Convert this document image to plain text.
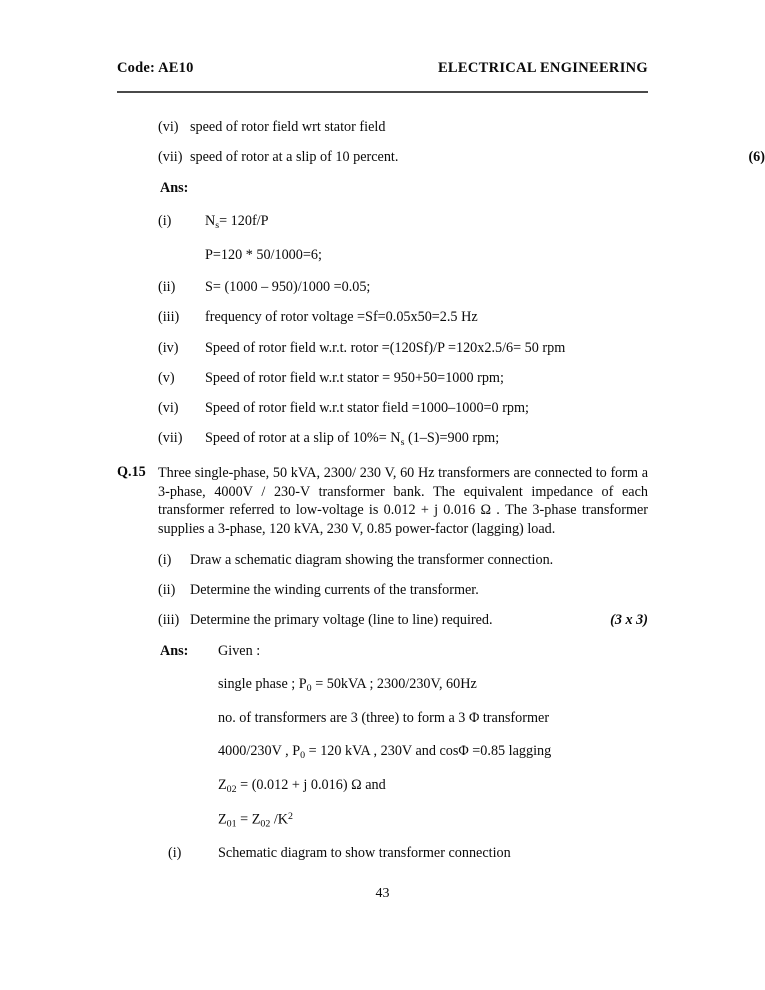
Code: AE10	ELECTRICAL ENGINEERING
(vi) speed of rotor field wrt stator field
(vii) speed of rotor at a slip of 10 percent.	(6)
Ans:
(i)	$N_s= 120f/P$
P=120 * 50/1000=6;
(ii)	S= (1000 – 950)/1000 =0.05;
(iii)	frequency of rotor voltage =Sf=0.05x50=2.5 Hz
(iv)	Speed of rotor field w.r.t. rotor =(120Sf)/P =120x2.5/6= 50 rpm
(v)	Speed of rotor field w.r.t stator = 950+50=1000 rpm;
(vi)	Speed of rotor field w.r.t stator field =1000–1000=0 rpm;
(vii)	Speed of rotor at a slip of $10\%= N_s$ (1–S)=900 rpm;
Q.15 Three single-phase, 50 kVA, 2300/ 230 V, 60 Hz transformers are connected to form a 3-phase, 4000V / 230-V transformer bank. The equivalent impedance of each transformer referred to low-voltage is 0.012 + j 0.016 Ω . The 3-phase transformer supplies a 3-phase, 120 kVA, 230 V, 0.85 power-factor (lagging) load.
(i)	Draw a schematic diagram showing the transformer connection.
(ii)	Determine the winding currents of the transformer.
(iii) Determine the primary voltage (line to line) required.	(3 x 3)
Ans:	Given :
single phase ; $P_0 = 50kVA$ ; 2300/230V, 60Hz
no. of transformers are 3 (three) to form a 3 Φ transformer
4000/230V , $P_0 = 120$ kVA , 230V and cosΦ =0.85 lagging
$Z_{02} = (0.012 + j$ 0.016) Ω and
$Z_{01} = Z_{02}$ $/K^2$
(i)	Schematic diagram to show transformer connection
43
